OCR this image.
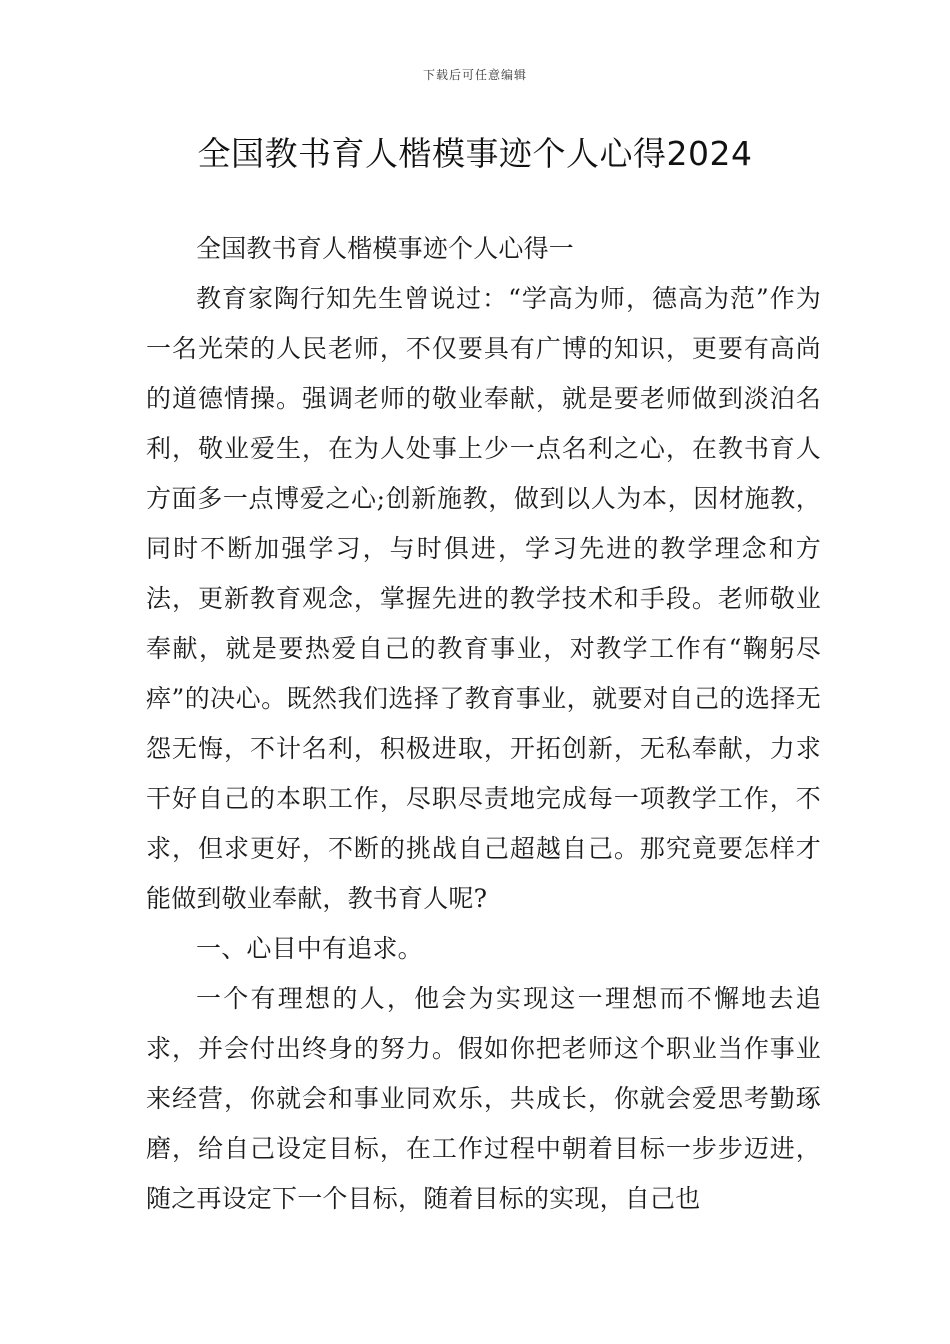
下载后可任意编辑
全国教书育人楷模事迹个人心得2024

全国教书育人楷模事迹个人心得一

教育家陶行知先生曾说过：“学高为师，德高为范”作为一名光荣的人民老师，不仅要具有广博的知识，更要有高尚的道德情操。强调老师的敬业奉献，就是要老师做到淡泊名利，敬业爱生，在为人处事上少一点名利之心，在教书育人方面多一点博爱之心;创新施教，做到以人为本，因材施教，同时不断加强学习，与时俱进，学习先进的教学理念和方法，更新教育观念，掌握先进的教学技术和手段。老师敬业奉献，就是要热爱自己的教育事业，对教学工作有“鞠躬尽瘁”的决心。既然我们选择了教育事业，就要对自己的选择无怨无悔，不计名利，积极进取，开拓创新，无私奉献，力求干好自己的本职工作，尽职尽责地完成每一项教学工作，不求，但求更好，不断的挑战自己超越自己。那究竟要怎样才能做到敬业奉献，教书育人呢?

一、心目中有追求。

一个有理想的人，他会为实现这一理想而不懈地去追求，并会付出终身的努力。假如你把老师这个职业当作事业来经营，你就会和事业同欢乐，共成长，你就会爱思考勤琢磨，给自己设定目标，在工作过程中朝着目标一步步迈进，随之再设定下一个目标，随着目标的实现，自己也
